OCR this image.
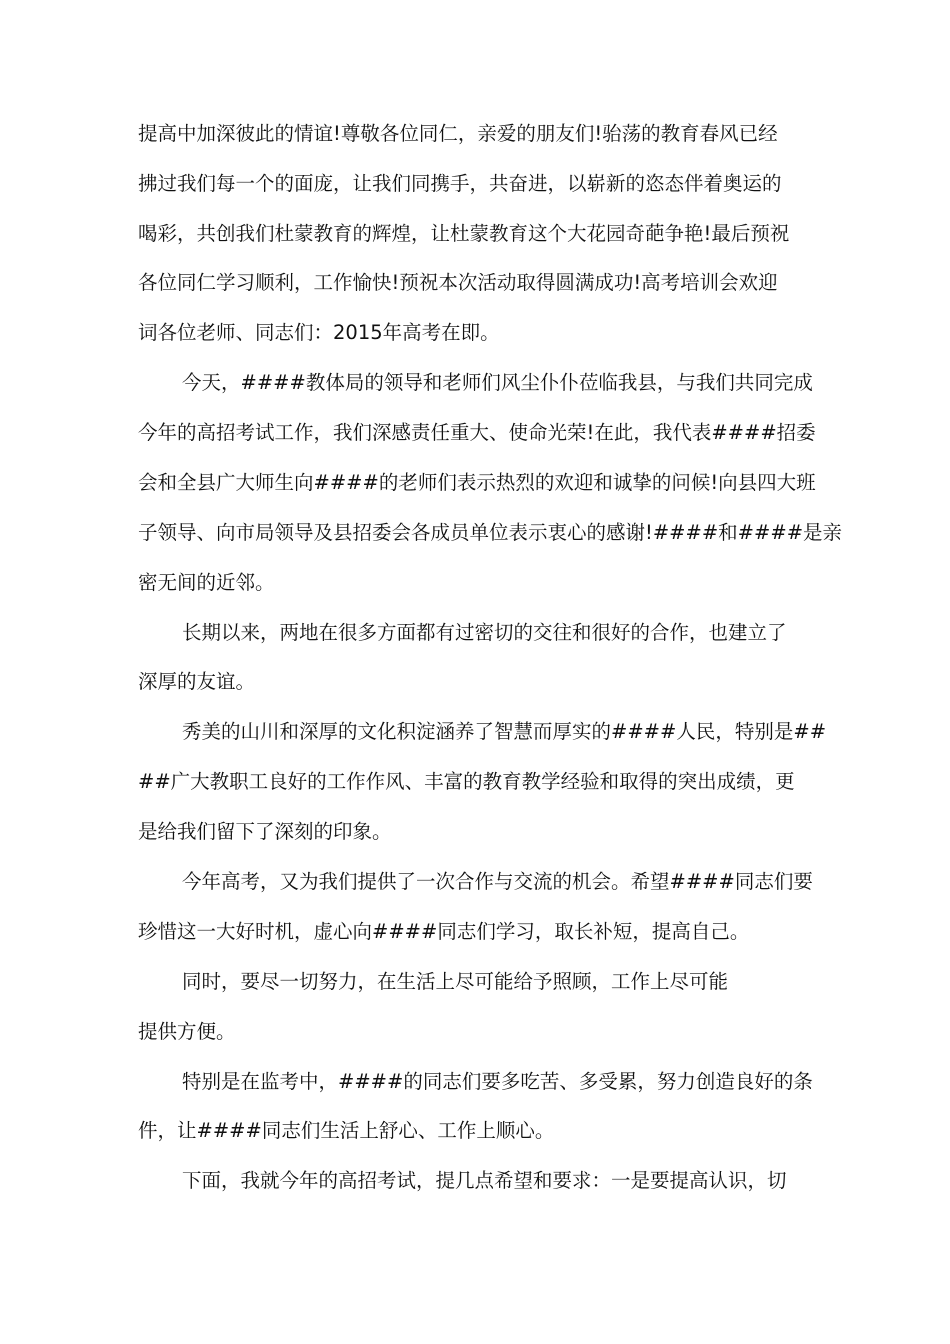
提高中加深彼此的情谊!尊敬各位同仁，亲爱的朋友们!骀荡的教育春风已经
拂过我们每一个的面庞，让我们同携手，共奋进，以崭新的恣态伴着奥运的
喝彩，共创我们杜蒙教育的辉煌，让杜蒙教育这个大花园奇葩争艳!最后预祝
各位同仁学习顺利，工作愉快!预祝本次活动取得圆满成功!高考培训会欢迎
词各位老师、同志们：2015年高考在即。
今天，####教体局的领导和老师们风尘仆仆莅临我县，与我们共同完成
今年的高招考试工作，我们深感责任重大、使命光荣!在此，我代表####招委
会和全县广大师生向####的老师们表示热烈的欢迎和诚挚的问候!向县四大班
子领导、向市局领导及县招委会各成员单位表示衷心的感谢!####和####是亲
密无间的近邻。
长期以来，两地在很多方面都有过密切的交往和很好的合作，也建立了
深厚的友谊。
秀美的山川和深厚的文化积淀涵养了智慧而厚实的####人民，特别是##
##广大教职工良好的工作作风、丰富的教育教学经验和取得的突出成绩，更
是给我们留下了深刻的印象。
今年高考，又为我们提供了一次合作与交流的机会。希望####同志们要
珍惜这一大好时机，虚心向####同志们学习，取长补短，提高自己。
同时，要尽一切努力，在生活上尽可能给予照顾，工作上尽可能
提供方便。
特别是在监考中，####的同志们要多吃苦、多受累，努力创造良好的条
件，让####同志们生活上舒心、工作上顺心。
下面，我就今年的高招考试，提几点希望和要求：一是要提高认识，切
